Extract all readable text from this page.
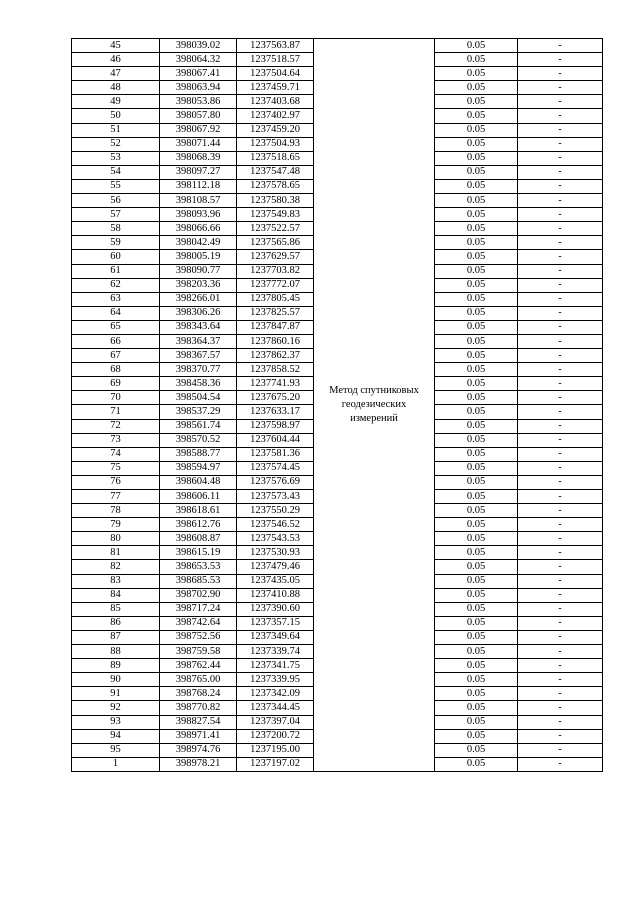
45	398039.02	1237563.87	Метод спутниковых геодезических измерений	0.05	-
46	398064.32	1237518.57		0.05	-
47	398067.41	1237504.64		0.05	-
48	398063.94	1237459.71		0.05	-
49	398053.86	1237403.68		0.05	-
50	398057.80	1237402.97		0.05	-
51	398067.92	1237459.20		0.05	-
52	398071.44	1237504.93		0.05	-
53	398068.39	1237518.65		0.05	-
54	398097.27	1237547.48		0.05	-
55	398112.18	1237578.65		0.05	-
56	398108.57	1237580.38		0.05	-
57	398093.96	1237549.83		0.05	-
58	398066.66	1237522.57		0.05	-
59	398042.49	1237565.86		0.05	-
60	398005.19	1237629.57		0.05	-
61	398090.77	1237703.82		0.05	-
62	398203.36	1237772.07		0.05	-
63	398266.01	1237805.45		0.05	-
64	398306.26	1237825.57		0.05	-
65	398343.64	1237847.87		0.05	-
66	398364.37	1237860.16		0.05	-
67	398367.57	1237862.37		0.05	-
68	398370.77	1237858.52		0.05	-
69	398458.36	1237741.93		0.05	-
70	398504.54	1237675.20		0.05	-
71	398537.29	1237633.17		0.05	-
72	398561.74	1237598.97		0.05	-
73	398570.52	1237604.44		0.05	-
74	398588.77	1237581.36		0.05	-
75	398594.97	1237574.45		0.05	-
76	398604.48	1237576.69		0.05	-
77	398606.11	1237573.43		0.05	-
78	398618.61	1237550.29		0.05	-
79	398612.76	1237546.52		0.05	-
80	398608.87	1237543.53		0.05	-
81	398615.19	1237530.93		0.05	-
82	398653.53	1237479.46		0.05	-
83	398685.53	1237435.05		0.05	-
84	398702.90	1237410.88		0.05	-
85	398717.24	1237390.60		0.05	-
86	398742.64	1237357.15		0.05	-
87	398752.56	1237349.64		0.05	-
88	398759.58	1237339.74		0.05	-
89	398762.44	1237341.75		0.05	-
90	398765.00	1237339.95		0.05	-
91	398768.24	1237342.09		0.05	-
92	398770.82	1237344.45		0.05	-
93	398827.54	1237397.04		0.05	-
94	398971.41	1237200.72		0.05	-
95	398974.76	1237195.00		0.05	-
1	398978.21	1237197.02		0.05	-
